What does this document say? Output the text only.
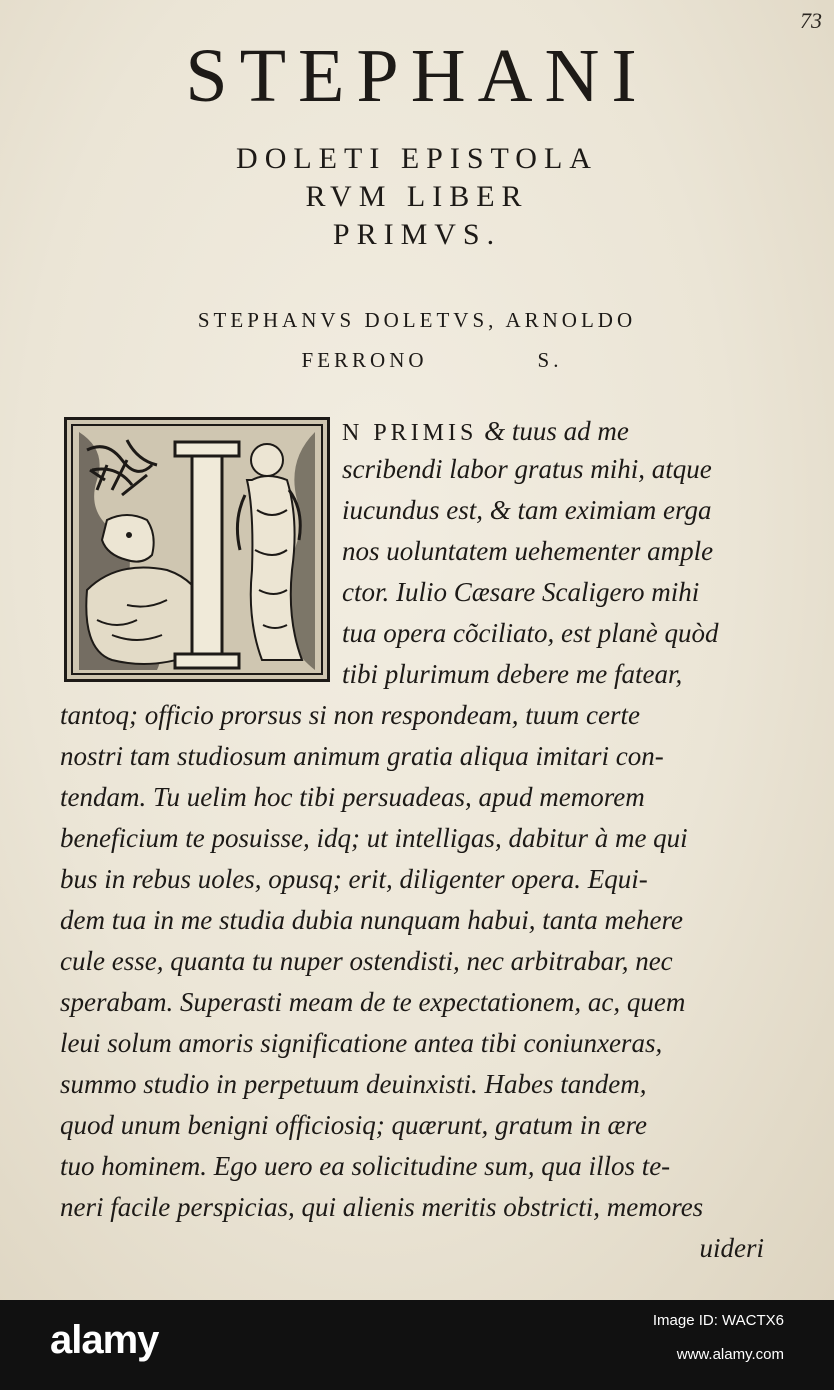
73
STEPHANI
DOLETI EPISTOLA
RVM LIBER
PRIMVS.
STEPHANVS DOLETVS, ARNOLDO
FERRONO	S.
N PRIMIS & tuus ad me
scribendi labor gratus mihi, atque
iucundus est, & tam eximiam erga
nos uoluntatem uehementer ample
ctor. Iulio Cæsare Scaligero mihi
tua opera cõciliato, est planè quòd
tibi plurimum debere me fatear,
tantoq; officio prorsus si non respondeam, tuum certe
nostri tam studiosum animum gratia aliqua imitari con-
tendam. Tu uelim hoc tibi persuadeas, apud memorem
beneficium te posuisse, idq; ut intelligas, dabitur à me qui
bus in rebus uoles, opusq; erit, diligenter opera. Equi-
dem tua in me studia dubia nunquam habui, tanta mehere
cule esse, quanta tu nuper ostendisti, nec arbitrabar, nec
sperabam. Superasti meam de te expectationem, ac, quem
leui solum amoris significatione antea tibi coniunxeras,
summo studio in perpetuum deuinxisti. Habes tandem,
quod unum benigni officiosiq; quærunt, gratum in ære
tuo hominem. Ego uero ea solicitudine sum, qua illos te-
neri facile perspicias, qui alienis meritis obstricti, memores
uideri
alamy	Image ID: WACTX6
www.alamy.com
